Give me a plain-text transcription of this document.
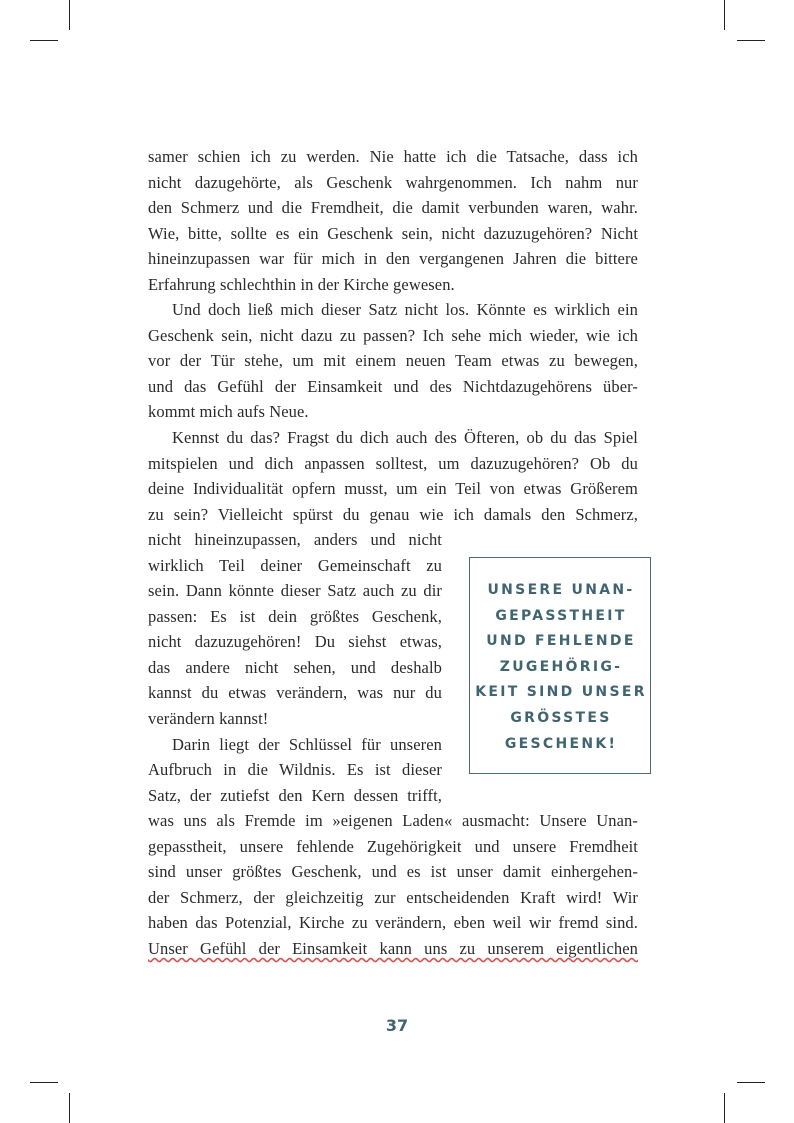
samer schien ich zu werden. Nie hatte ich die Tatsache, dass ich
nicht dazugehörte, als Geschenk wahrgenommen. Ich nahm nur
den Schmerz und die Fremdheit, die damit verbunden waren, wahr.
Wie, bitte, sollte es ein Geschenk sein, nicht dazuzugehören? Nicht
hineinzupassen war für mich in den vergangenen Jahren die bittere
Erfahrung schlechthin in der Kirche gewesen.
Und doch ließ mich dieser Satz nicht los. Könnte es wirklich ein
Geschenk sein, nicht dazu zu passen? Ich sehe mich wieder, wie ich
vor der Tür stehe, um mit einem neuen Team etwas zu bewegen,
und das Gefühl der Einsamkeit und des Nichtdazugehörens über-
kommt mich aufs Neue.
Kennst du das? Fragst du dich auch des Öfteren, ob du das Spiel
mitspielen und dich anpassen solltest, um dazuzugehören? Ob du
deine Individualität opfern musst, um ein Teil von etwas Größerem
zu sein? Vielleicht spürst du genau wie ich damals den Schmerz,
nicht hineinzupassen, anders und nicht
wirklich Teil deiner Gemeinschaft zu
sein. Dann könnte dieser Satz auch zu dir
passen: Es ist dein größtes Geschenk,
nicht dazuzugehören! Du siehst etwas,
das andere nicht sehen, und deshalb
kannst du etwas verändern, was nur du
verändern kannst!
Darin liegt der Schlüssel für unseren
Aufbruch in die Wildnis. Es ist dieser
Satz, der zutiefst den Kern dessen trifft,
was uns als Fremde im »eigenen Laden« ausmacht: Unsere Unan-
gepasstheit, unsere fehlende Zugehörigkeit und unsere Fremdheit
sind unser größtes Geschenk, und es ist unser damit einhergehen-
der Schmerz, der gleichzeitig zur entscheidenden Kraft wird! Wir
haben das Potenzial, Kirche zu verändern, eben weil wir fremd sind.
Unser Gefühl der Einsamkeit kann uns zu unserem eigentlichen
UNSERE UNAN-
GEPASSTHEIT
UND FEHLENDE
ZUGEHÖRIG-
KEIT SIND UNSER
GRÖSSTES
GESCHENK!
37
